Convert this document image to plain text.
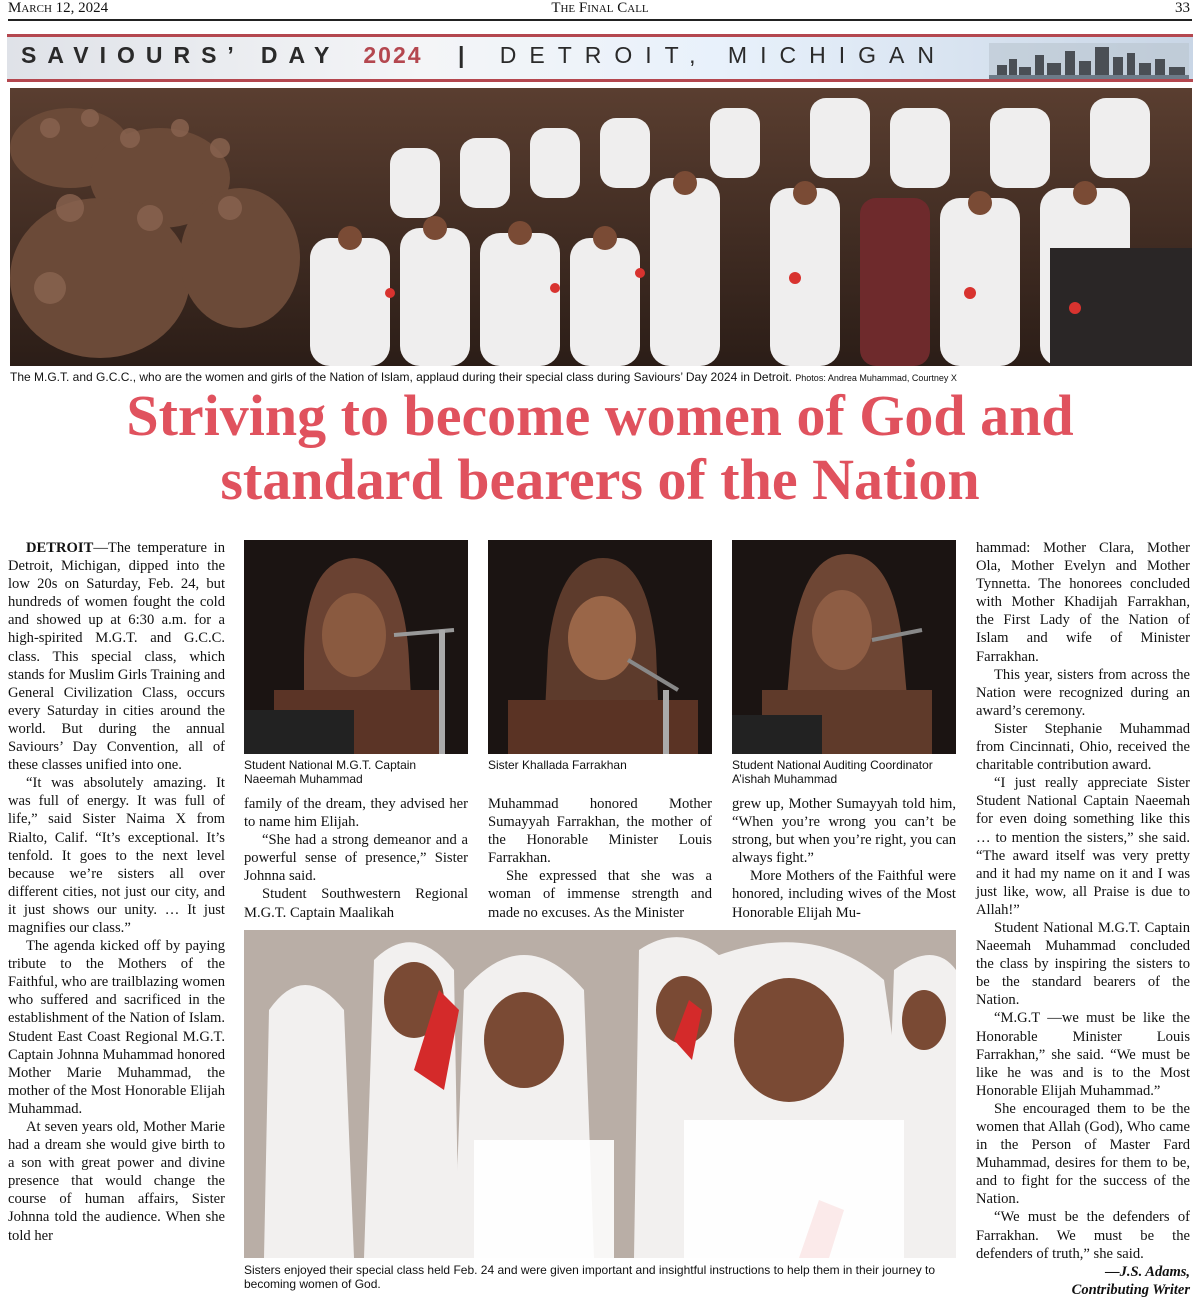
March 12, 2024	The Final Call	33
SAVIOURS’ DAY 2024 | DETROIT, MICHIGAN
The M.G.T. and G.C.C., who are the women and girls of the Nation of Islam, applaud during their special class during Saviours’ Day 2024 in Detroit. Photos: Andrea Muhammad, Courtney X
Striving to become women of God and
standard bearers of the Nation

DETROIT—The temperature in Detroit, Michigan, dipped into the low 20s on Saturday, Feb. 24, but hundreds of women fought the cold and showed up at 6:30 a.m. for a high-spirited M.G.T. and G.C.C. class. This special class, which stands for Muslim Girls Training and General Civilization Class, occurs every Saturday in cities around the world. But during the annual Saviours’ Day Convention, all of these classes unified into one.

“It was absolutely amazing. It was full of energy. It was full of life,” said Sister Naima X from Rialto, Calif. “It’s exceptional. It’s tenfold. It goes to the next level because we’re sisters all over different cities, not just our city, and it just shows our unity. … It just magnifies our class.”

The agenda kicked off by paying tribute to the Mothers of the Faithful, who are trailblazing women who suffered and sacrificed in the establishment of the Nation of Islam. Student East Coast Regional M.G.T. Captain Johnna Muhammad honored Mother Marie Muhammad, the mother of the Most Honorable Elijah Muhammad.

At seven years old, Mother Marie had a dream she would give birth to a son with great power and divine presence that would change the course of human affairs, Sister Johnna told the audience. When she told her

Student National M.G.T. Captain Naeemah Muhammad
Sister Khallada Farrakhan	Student National Auditing Coordinator A’ishah Muhammad

family of the dream, they advised her to name him Elijah.

“She had a strong demeanor and a powerful sense of presence,” Sister Johnna said.

Student Southwestern Regional M.G.T. Captain Maalikah

Muhammad honored Mother Sumayyah Farrakhan, the mother of the Honorable Minister Louis Farrakhan.

She expressed that she was a woman of immense strength and made no excuses. As the Minister

grew up, Mother Sumayyah told him, “When you’re wrong you can’t be strong, but when you’re right, you can always fight.”

More Mothers of the Faithful were honored, including wives of the Most Honorable Elijah Mu-

Sisters enjoyed their special class held Feb. 24 and were given important and insightful instructions to help them in their journey to becoming women of God.

hammad: Mother Clara, Mother Ola, Mother Evelyn and Mother Tynnetta. The honorees concluded with Mother Khadijah Farrakhan, the First Lady of the Nation of Islam and wife of Minister Farrakhan.

This year, sisters from across the Nation were recognized during an award’s ceremony.

Sister Stephanie Muhammad from Cincinnati, Ohio, received the charitable contribution award.

“I just really appreciate Sister Student National Captain Naeemah for even doing something like this … to mention the sisters,” she said. “The award itself was very pretty and it had my name on it and I was just like, wow, all Praise is due to Allah!”

Student National M.G.T. Captain Naeemah Muhammad concluded the class by inspiring the sisters to be the standard bearers of the Nation.

“M.G.T —we must be like the Honorable Minister Louis Farrakhan,” she said. “We must be like he was and is to the Most Honorable Elijah Muhammad.”

She encouraged them to be the women that Allah (God), Who came in the Person of Master Fard Muhammad, desires for them to be, and to fight for the success of the Nation.

“We must be the defenders of Farrakhan. We must be the defenders of truth,” she said.

—J.S. Adams,
Contributing Writer
